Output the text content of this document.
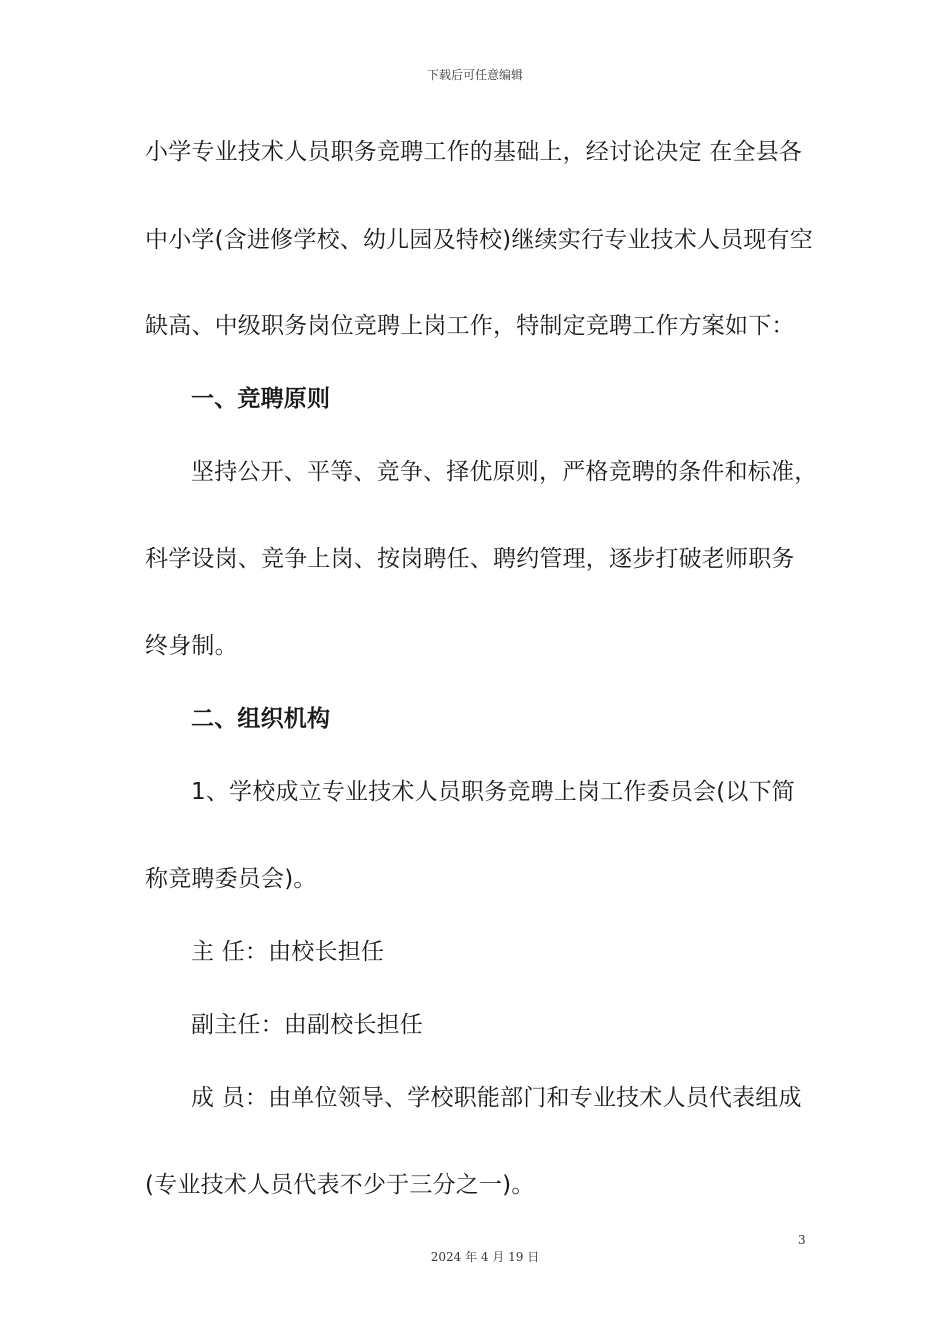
下载后可任意编辑
小学专业技术人员职务竞聘工作的基础上，经讨论决定 在全县各
中小学(含进修学校、幼儿园及特校)继续实行专业技术人员现有空
缺高、中级职务岗位竞聘上岗工作，特制定竞聘工作方案如下：
一、竞聘原则
坚持公开、平等、竞争、择优原则，严格竞聘的条件和标准，
科学设岗、竞争上岗、按岗聘任、聘约管理，逐步打破老师职务
终身制。
二、组织机构
1、学校成立专业技术人员职务竞聘上岗工作委员会(以下简
称竞聘委员会)。
主 任：由校长担任
副主任：由副校长担任
成 员：由单位领导、学校职能部门和专业技术人员代表组成
(专业技术人员代表不少于三分之一)。
3
2024 年 4 月 19 日
